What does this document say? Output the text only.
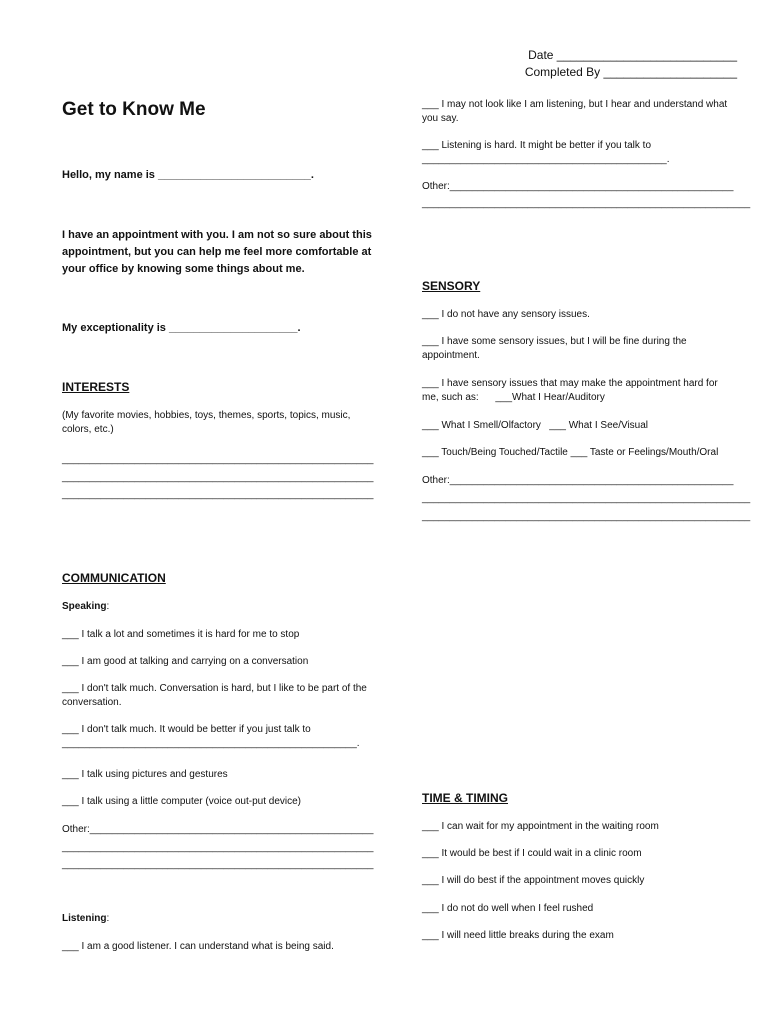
Date ___________________________

Completed By ____________________

Get to Know Me

Hello, my name is _________________________.

I have an appointment with you. I am not so sure about this appointment, but you can help me feel more comfortable at your office by knowing some things about me.

My exceptionality is _____________________.

INTERESTS

(My favorite movies, hobbies, toys, themes, sports, topics, music, colors, etc.)

________________________________________________________

________________________________________________________

________________________________________________________

___ I may not look like I am listening, but I hear and understand what you say.

___ Listening is hard. It might be better if you talk to ____________________________________________.

Other:___________________________________________________

___________________________________________________________

SENSORY

___ I do not have any sensory issues.

___ I have some sensory issues, but I will be fine during the appointment.

___ I have sensory issues that may make the appointment hard for me, such as:      ___What I Hear/Auditory

___ What I Smell/Olfactory   ___ What I See/Visual

___ Touch/Being Touched/Tactile ___ Taste or Feelings/Mouth/Oral

Other:___________________________________________________

___________________________________________________________

___________________________________________________________

COMMUNICATION

Speaking:

___ I talk a lot and sometimes it is hard for me to stop

___ I am good at talking and carrying on a conversation

___ I don't talk much. Conversation is hard, but I like to be part of the conversation.

___ I don't talk much. It would be better if you just talk to _____________________________________________________.

___ I talk using pictures and gestures

___ I talk using a little computer (voice out-put device)

Other:___________________________________________________

________________________________________________________

________________________________________________________

Listening:

___ I am a good listener. I can understand what is being said.

TIME & TIMING

___ I can wait for my appointment in the waiting room

___ It would be best if I could wait in a clinic room

___ I will do best if the appointment moves quickly

___ I do not do well when I feel rushed

___ I will need little breaks during the exam
